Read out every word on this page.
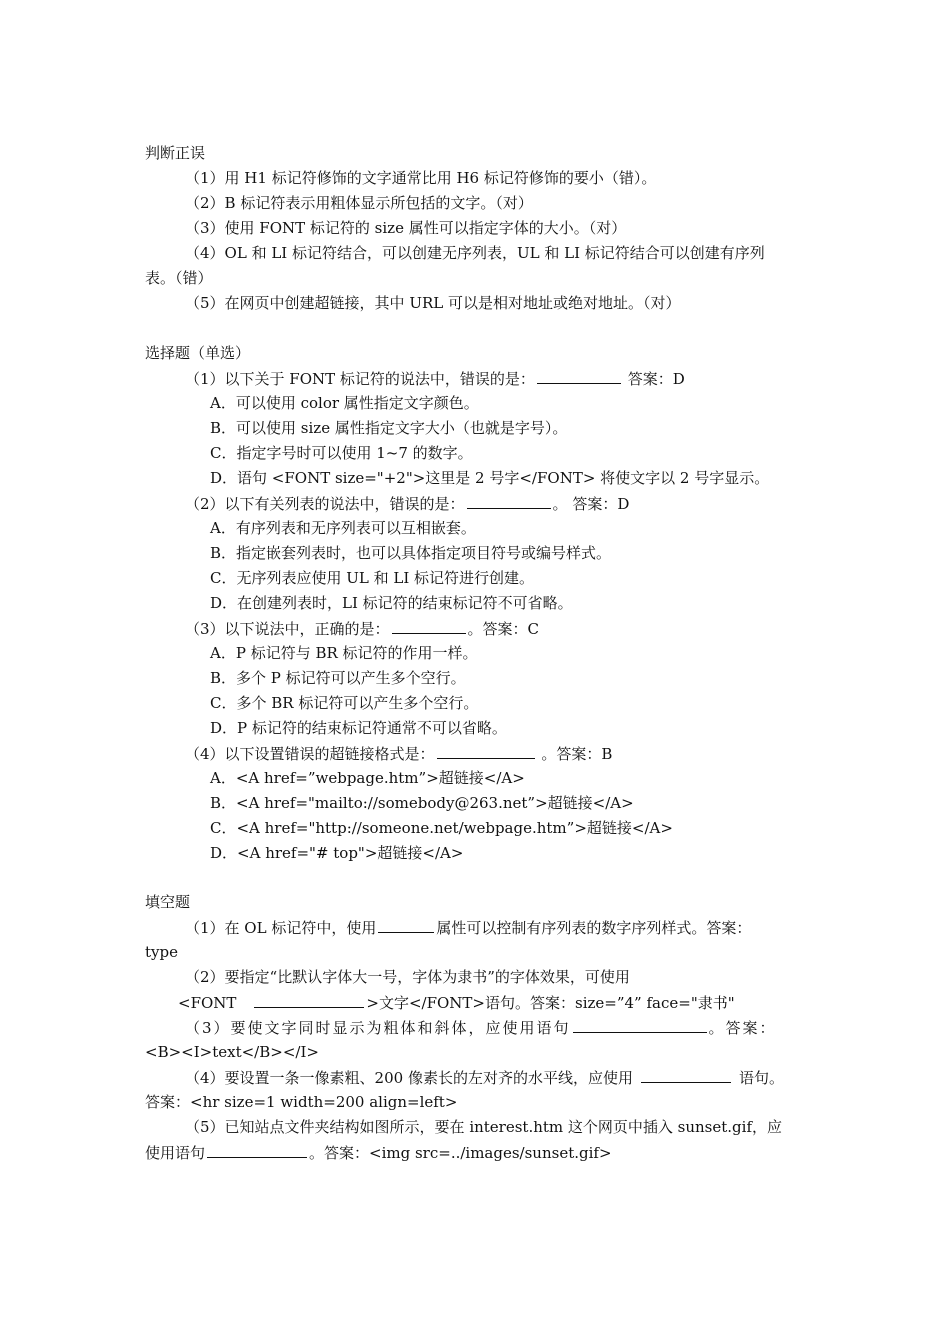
判断正误
（1）用 H1 标记符修饰的文字通常比用 H6 标记符修饰的要小（错）。
（2）B 标记符表示用粗体显示所包括的文字。（对）
（3）使用 FONT 标记符的 size 属性可以指定字体的大小。（对）
（4）OL 和 LI 标记符结合，可以创建无序列表，UL 和 LI 标记符结合可以创建有序列
表。（错）
（5）在网页中创建超链接，其中 URL 可以是相对地址或绝对地址。（对）
选择题（单选）
（1）以下关于 FONT 标记符的说法中，错误的是：	答案：D
A．可以使用 color 属性指定文字颜色。
B．可以使用 size 属性指定文字大小（也就是字号）。
C．指定字号时可以使用 1~7 的数字。
D．语句 <FONT size="+2">这里是 2 号字</FONT> 将使文字以 2 号字显示。
（2）以下有关列表的说法中，错误的是：	。 答案：D
A．有序列表和无序列表可以互相嵌套。
B．指定嵌套列表时，也可以具体指定项目符号或编号样式。
C．无序列表应使用 UL 和 LI 标记符进行创建。
D．在创建列表时，LI 标记符的结束标记符不可省略。
（3）以下说法中，正确的是：	。答案：C
A．P 标记符与 BR 标记符的作用一样。
B．多个 P 标记符可以产生多个空行。
C．多个 BR 标记符可以产生多个空行。
D．P 标记符的结束标记符通常不可以省略。
（4）以下设置错误的超链接格式是：	。答案：B
A．<A href=”webpage.htm”>超链接</A>
B．<A href="mailto://somebody@263.net”>超链接</A>
C．<A href="http://someone.net/webpage.htm”>超链接</A>
D．<A href="# top">超链接</A>
填空题
（1）在 OL 标记符中，使用	属性可以控制有序列表的数字序列样式。答案：
type
（2）要指定“比默认字体大一号，字体为隶书”的字体效果，可使用
<FONT	>文字</FONT>语句。答案：size=”4” face="隶书"
（3）要使文字同时显示为粗体和斜体，应使用语句	。答案：
<B><I>text</B></I>
（4）要设置一条一像素粗、200 像素长的左对齐的水平线，应使用	语句。
答案：<hr size=1 width=200 align=left>
（5）已知站点文件夹结构如图所示，要在 interest.htm 这个网页中插入 sunset.gif，应
使用语句	。答案：<img src=../images/sunset.gif>
